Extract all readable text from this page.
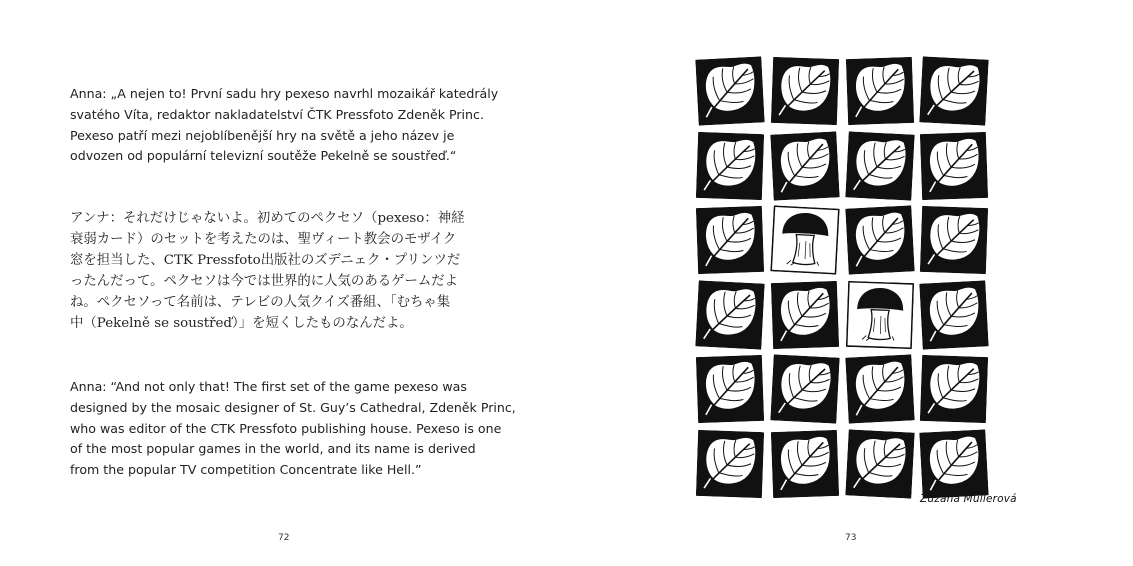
Anna: „A nejen to! První sadu hry pexeso navrhl mozaikář katedrály
svatého Víta, redaktor nakladatelství ČTK Pressfoto Zdeněk Princ.
Pexeso patří mezi nejoblíbenější hry na světě a jeho název je
odvozen od populární televizní soutěže Pekelně se soustřeď.“
アンナ：それだけじゃないよ。初めてのペクセソ（pexeso：神経
衰弱カード）のセットを考えたのは、聖ヴィート教会のモザイク
窓を担当した、CTK Pressfoto出版社のズデニェク・プリンツだ
ったんだって。ペクセソは今では世界的に人気のあるゲームだよ
ね。ペクセソって名前は、テレビの人気クイズ番組、「むちゃ集
中（Pekelně se soustřeď）」を短くしたものなんだよ。
Anna: “And not only that! The first set of the game pexeso was
designed by the mosaic designer of St. Guy’s Cathedral, Zdeněk Princ,
who was editor of the CTK Pressfoto publishing house. Pexeso is one
of the most popular games in the world, and its name is derived
from the popular TV competition Concentrate like Hell.”
72
Zuzana Müllerová
73
